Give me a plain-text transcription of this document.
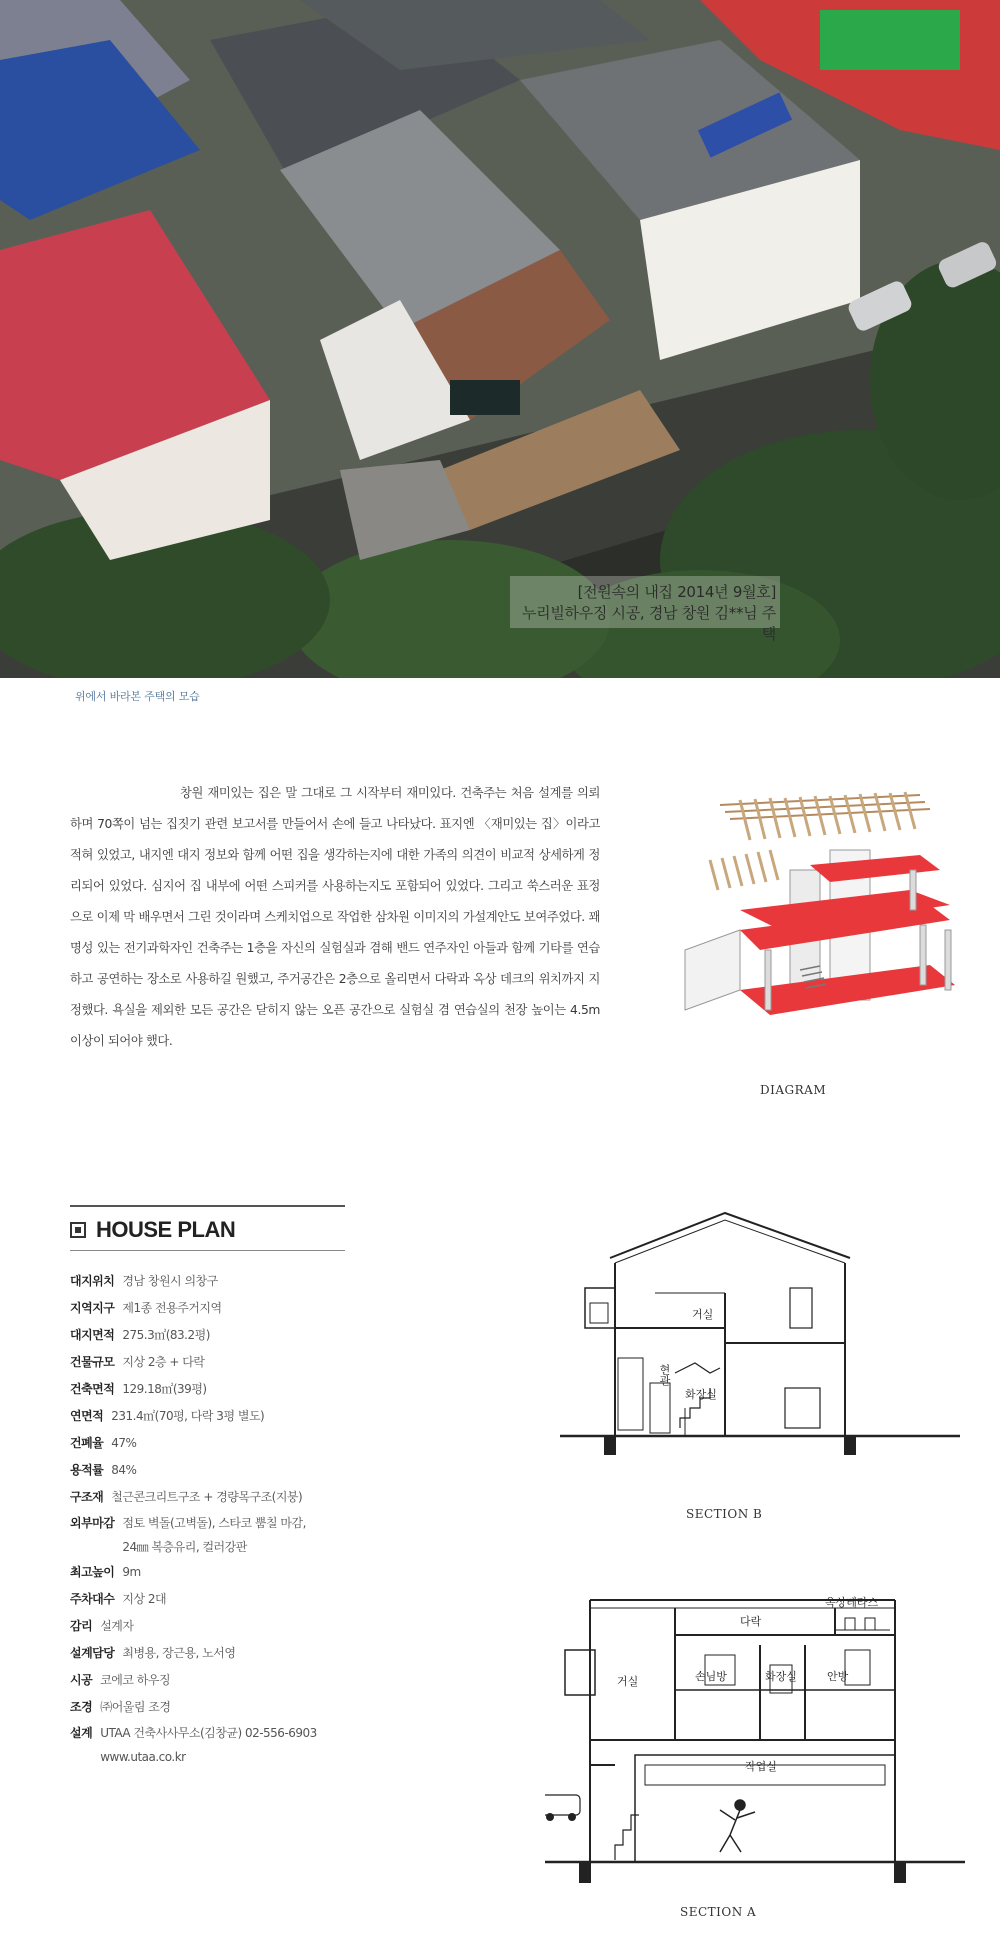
[전원속의 내집 2014년 9월호]
누리빌하우징 시공, 경남 창원 김**님 주택
위에서 바라본 주택의 모습

창원 재미있는 집은 말 그대로 그 시작부터 재미있다. 건축주는 처음 설계를 의뢰하며 70쪽이 넘는 집짓기 관련 보고서를 만들어서 손에 들고 나타났다. 표지엔 〈재미있는 집〉이라고 적혀 있었고, 내지엔 대지 정보와 함께 어떤 집을 생각하는지에 대한 가족의 의견이 비교적 상세하게 정리되어 있었다. 심지어 집 내부에 어떤 스피커를 사용하는지도 포함되어 있었다. 그리고 쑥스러운 표정으로 이제 막 배우면서 그린 것이라며 스케치업으로 작업한 삼차원 이미지의 가설계안도 보여주었다. 꽤 명성 있는 전기과학자인 건축주는 1층을 자신의 실험실과 겸해 밴드 연주자인 아들과 함께 기타를 연습하고 공연하는 장소로 사용하길 원했고, 주거공간은 2층으로 올리면서 다락과 옥상 데크의 위치까지 지정했다. 욕실을 제외한 모든 공간은 닫히지 않는 오픈 공간으로 실험실 겸 연습실의 천장 높이는 4.5m 이상이 되어야 했다.

DIAGRAM
HOUSE PLAN
대지위치 경남 창원시 의창구
지역지구 제1종 전용주거지역
대지면적 275.3㎡(83.2평)
건물규모 지상 2층 + 다락
건축면적 129.18㎡(39평)
연면적 231.4㎡(70평, 다락 3평 별도)
건폐율 47%
용적률 84%
구조재 철근콘크리트구조 + 경량목구조(지붕)
외부마감 점토 벽돌(고벽돌), 스타코 뿜칠 마감,
24㎜ 복층유리, 컬러강판
최고높이 9m
주차대수 지상 2대
감리 설계자
설계담당 최병용, 장근용, 노서영
시공 코에코 하우징
조경 ㈜어울림 조경
설계 UTAA 건축사사무소(김창균) 02-556-6903
www.utaa.co.kr
거실
현관
화장실
SECTION B
다락
옥상테라스
거실	손님방	화장실	안방
작업실
SECTION A
